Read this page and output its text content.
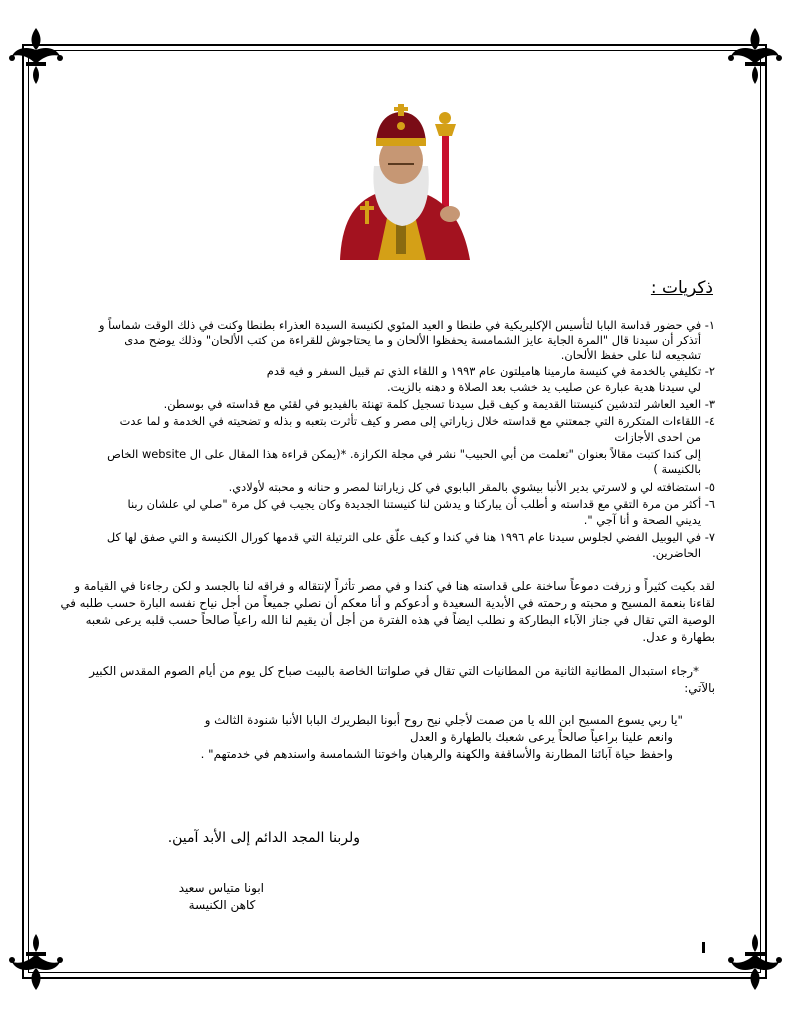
ذكريات :
١- في حضور قداسة البابا لتأسيس الإكليريكية في طنطا و العيد المئوي لكنيسة السيدة العذراء بطنطا وكنت في ذلك الوقت شماساً و
أتذكر أن سيدنا قال "المرة الجاية عايز الشمامسة يحفظوا الألحان و ما يحتاجوش للقراءة من كتب الألحان" وذلك يوضح مدى
تشجيعه لنا على حفظ الألحان.
٢- تكليفي بالخدمة في كنيسة مارمينا هاميلتون عام ١٩٩٣ و اللقاء الذي تم قبيل السفر و فيه قدم
لي سيدنا هدية عبارة عن صليب يد خشب بعد الصلاة و دهنه بالزيت.
٣- العيد العاشر لتدشين كنيستنا القديمة و كيف قبل سيدنا تسجيل كلمة تهنئة بالفيديو في لقئي مع قداسته في بوسطن.
٤- اللقاءات المتكررة التي جمعتني مع قداسته خلال زياراتي إلى مصر و كيف تأثرت بتعبه و بذله و تضحيته في الخدمة و لما عدت
من احدى الأجازات
إلى كندا كتبت مقالاً بعنوان "تعلمت من أبي الحبيب" نشر في مجلة الكرازة. *(يمكن قراءة هذا المقال على ال website الخاص
بالكنيسة )
٥- استضافته لي و لاسرتي بدير الأنبا بيشوي بالمقر البابوي في كل زياراتنا لمصر و حنانه و محبته لأولادي.
٦- أكثر من مرة التقي مع قداسته و أطلب أن يباركنا و يدشن لنا كنيستنا الجديدة وكان يجيب في كل مرة "صلي لي علشان ربنا
يديني الصحة و أنا آجي ".
٧- في اليوبيل الفضي لجلوس سيدنا عام ١٩٩٦ هنا في كندا و كيف علّق على الترتيلة التي قدمها كورال الكنيسة و التي صفق لها كل
الحاضرين.
لقد بكيت كثيراً و زرفت دموعاً ساخنة على قداسته هنا في كندا و في مصر تأثراً لإنتقاله و فراقه لنا بالجسد و لكن رجاءنا في القيامة و
لقاءنا بنعمة المسيح و محبته و رحمته في الأبدية السعيدة و أدعوكم و أنا معكم أن نصلي جميعاً من أجل نياح نفسه البارة حسب طلبه في
الوصية التي تقال في جناز الآباء البطاركة و نطلب ايضاً في هذه الفترة من أجل أن يقيم لنا الله راعياً صالحاً حسب قلبه يرعى شعبه
بطهارة و عدل.
*رجاء استبدال المطانية الثانية من المطانيات التي تقال في صلواتنا الخاصة بالبيت صباح كل يوم من أيام الصوم المقدس الكبير
بالآتي:
"يا ربي يسوع المسيح ابن الله يا من صمت لأجلي نيح روح أبونا البطريرك البابا الأنبا شنودة الثالث و
وانعم علينا براعياً صالحاً يرعى شعبك بالطهارة و العدل
واحفظ حياة آبائنا المطارنة والأساقفة والكهنة والرهبان واخوتنا الشمامسة واسندهم في خدمتهم" .
ولربنا المجد الدائم إلى الأبد آمين.
ابونا متياس سعيد
كاهن الكنيسة
